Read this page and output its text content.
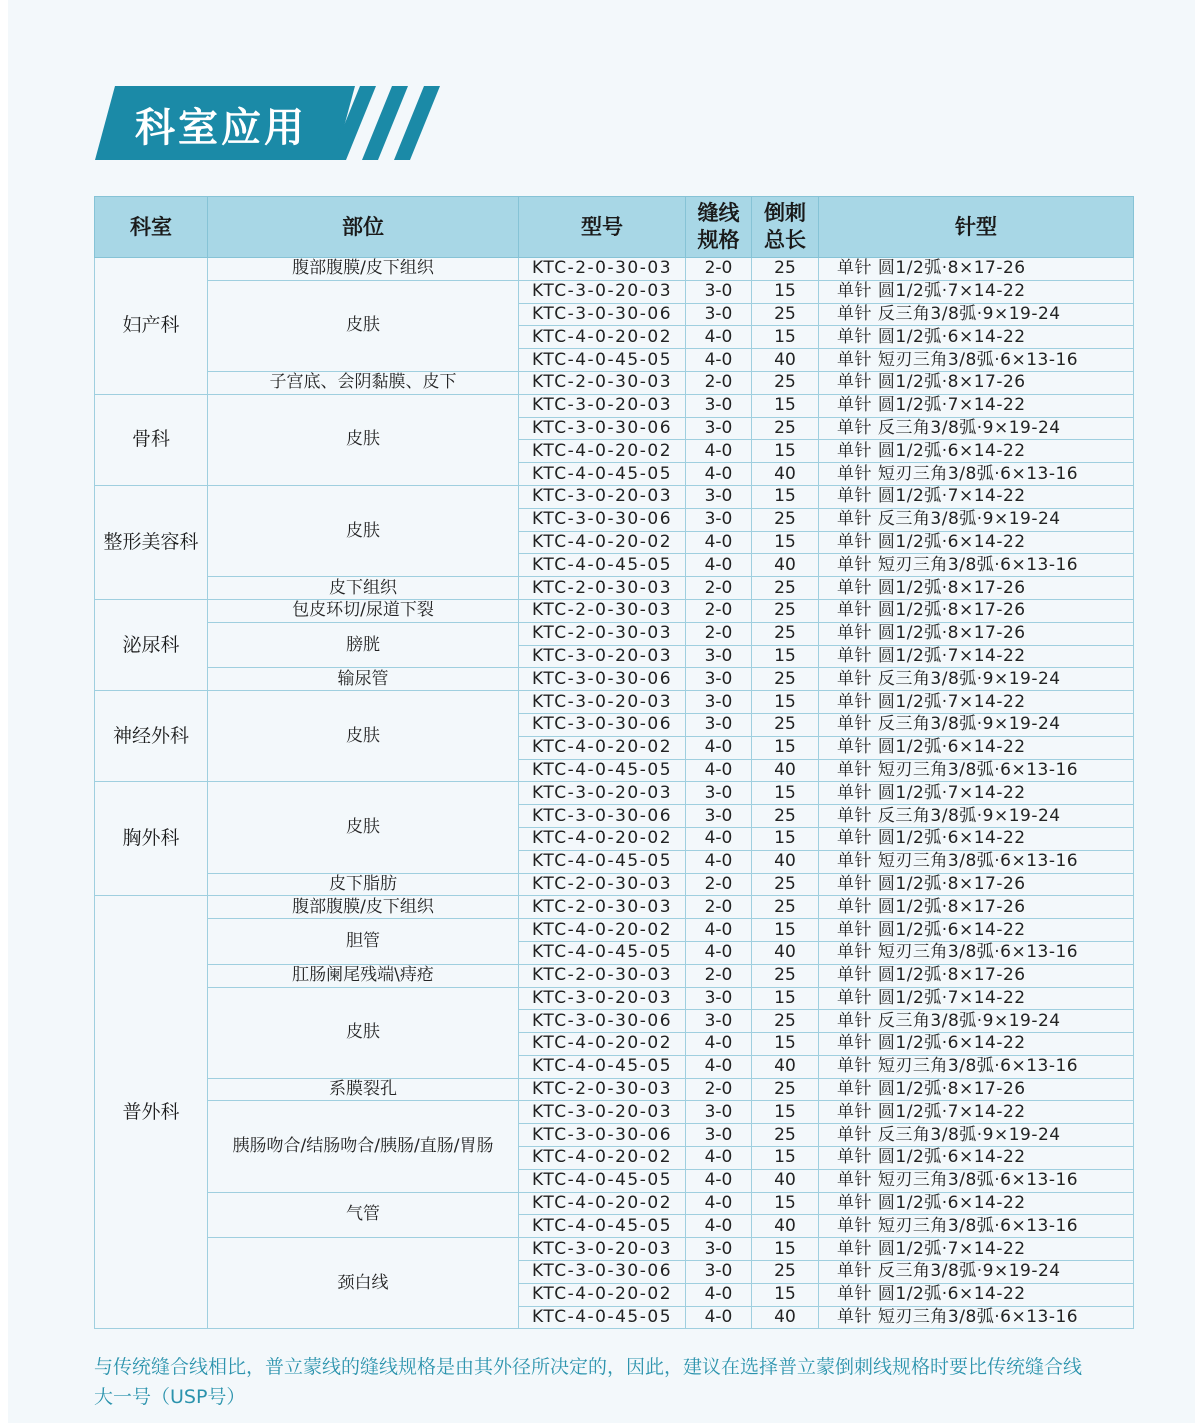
科室应用
科室	部位	型号	缝线规格	倒刺总长	针型
妇产科	腹部腹膜/皮下组织	KTC-2-0-30-03	2-0	25	单针 圆1/2弧·8×17-26
	皮肤	KTC-3-0-20-03	3-0	15	单针 圆1/2弧·7×14-22
		KTC-3-0-30-06	3-0	25	单针 反三角3/8弧·9×19-24
		KTC-4-0-20-02	4-0	15	单针 圆1/2弧·6×14-22
		KTC-4-0-45-05	4-0	40	单针 短刃三角3/8弧·6×13-16
	子宫底、会阴黏膜、皮下	KTC-2-0-30-03	2-0	25	单针 圆1/2弧·8×17-26
骨科	皮肤	KTC-3-0-20-03	3-0	15	单针 圆1/2弧·7×14-22
		KTC-3-0-30-06	3-0	25	单针 反三角3/8弧·9×19-24
		KTC-4-0-20-02	4-0	15	单针 圆1/2弧·6×14-22
		KTC-4-0-45-05	4-0	40	单针 短刃三角3/8弧·6×13-16
整形美容科	皮肤	KTC-3-0-20-03	3-0	15	单针 圆1/2弧·7×14-22
		KTC-3-0-30-06	3-0	25	单针 反三角3/8弧·9×19-24
		KTC-4-0-20-02	4-0	15	单针 圆1/2弧·6×14-22
		KTC-4-0-45-05	4-0	40	单针 短刃三角3/8弧·6×13-16
	皮下组织	KTC-2-0-30-03	2-0	25	单针 圆1/2弧·8×17-26
泌尿科	包皮环切/尿道下裂	KTC-2-0-30-03	2-0	25	单针 圆1/2弧·8×17-26
	膀胱	KTC-2-0-30-03	2-0	25	单针 圆1/2弧·8×17-26
		KTC-3-0-20-03	3-0	15	单针 圆1/2弧·7×14-22
	输尿管	KTC-3-0-30-06	3-0	25	单针 反三角3/8弧·9×19-24
神经外科	皮肤	KTC-3-0-20-03	3-0	15	单针 圆1/2弧·7×14-22
		KTC-3-0-30-06	3-0	25	单针 反三角3/8弧·9×19-24
		KTC-4-0-20-02	4-0	15	单针 圆1/2弧·6×14-22
		KTC-4-0-45-05	4-0	40	单针 短刃三角3/8弧·6×13-16
胸外科	皮肤	KTC-3-0-20-03	3-0	15	单针 圆1/2弧·7×14-22
		KTC-3-0-30-06	3-0	25	单针 反三角3/8弧·9×19-24
		KTC-4-0-20-02	4-0	15	单针 圆1/2弧·6×14-22
		KTC-4-0-45-05	4-0	40	单针 短刃三角3/8弧·6×13-16
	皮下脂肪	KTC-2-0-30-03	2-0	25	单针 圆1/2弧·8×17-26
普外科	腹部腹膜/皮下组织	KTC-2-0-30-03	2-0	25	单针 圆1/2弧·8×17-26
	胆管	KTC-4-0-20-02	4-0	15	单针 圆1/2弧·6×14-22
		KTC-4-0-45-05	4-0	40	单针 短刃三角3/8弧·6×13-16
	肛肠阑尾残端\痔疮	KTC-2-0-30-03	2-0	25	单针 圆1/2弧·8×17-26
	皮肤	KTC-3-0-20-03	3-0	15	单针 圆1/2弧·7×14-22
		KTC-3-0-30-06	3-0	25	单针 反三角3/8弧·9×19-24
		KTC-4-0-20-02	4-0	15	单针 圆1/2弧·6×14-22
		KTC-4-0-45-05	4-0	40	单针 短刃三角3/8弧·6×13-16
	系膜裂孔	KTC-2-0-30-03	2-0	25	单针 圆1/2弧·8×17-26
	胰肠吻合/结肠吻合/胰肠/直肠/胃肠	KTC-3-0-20-03	3-0	15	单针 圆1/2弧·7×14-22
		KTC-3-0-30-06	3-0	25	单针 反三角3/8弧·9×19-24
		KTC-4-0-20-02	4-0	15	单针 圆1/2弧·6×14-22
		KTC-4-0-45-05	4-0	40	单针 短刃三角3/8弧·6×13-16
	气管	KTC-4-0-20-02	4-0	15	单针 圆1/2弧·6×14-22
		KTC-4-0-45-05	4-0	40	单针 短刃三角3/8弧·6×13-16
	颈白线	KTC-3-0-20-03	3-0	15	单针 圆1/2弧·7×14-22
		KTC-3-0-30-06	3-0	25	单针 反三角3/8弧·9×19-24
		KTC-4-0-20-02	4-0	15	单针 圆1/2弧·6×14-22
		KTC-4-0-45-05	4-0	40	单针 短刃三角3/8弧·6×13-16
与传统缝合线相比，普立蒙线的缝线规格是由其外径所决定的，因此，建议在选择普立蒙倒刺线规格时要比传统缝合线
大一号（USP号）
